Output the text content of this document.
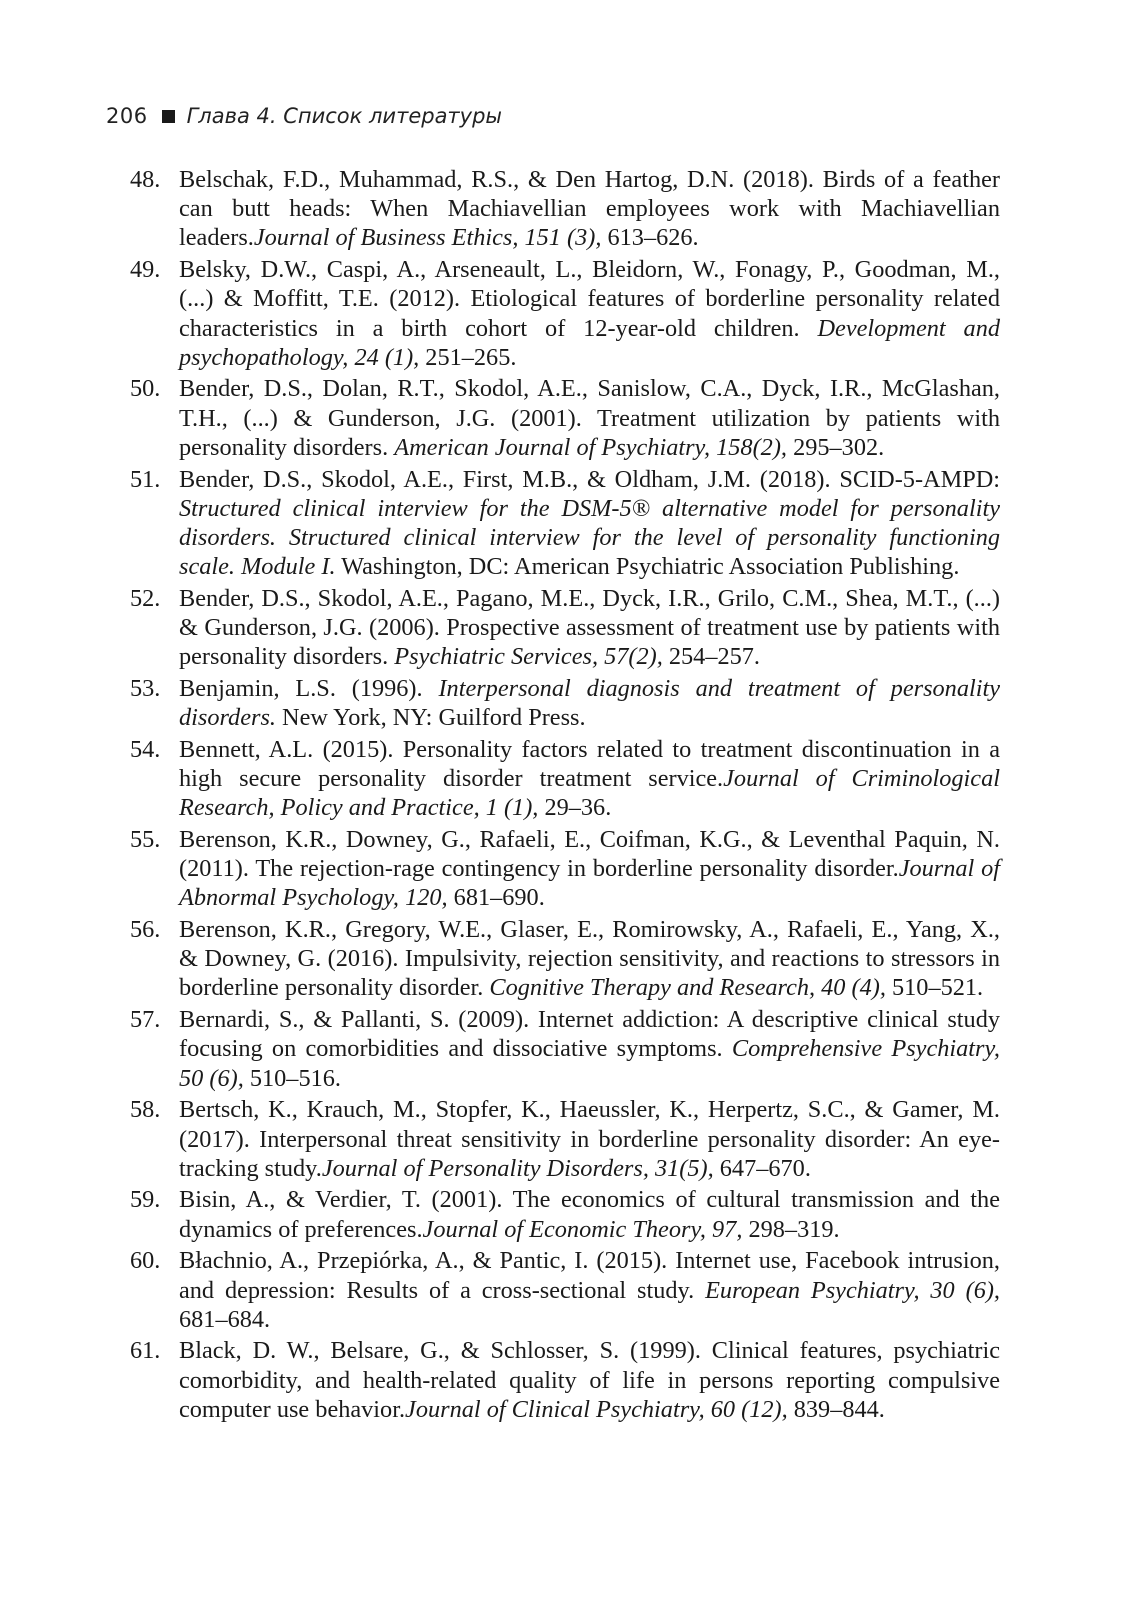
206 Глава 4. Список литературы
48. Belschak, F.D., Muhammad, R.S., & Den Hartog, D.N. (2018). Birds of a feather can butt heads: When Machiavellian employees work with Machiavellian leaders.Journal of Business Ethics, 151 (3), 613–626.
49. Belsky, D.W., Caspi, A., Arseneault, L., Bleidorn, W., Fonagy, P., Goodman, M., (...) & Moffitt, T.E. (2012). Etiological features of borderline personality related characteristics in a birth cohort of 12-year-old children. Development and psychopathology, 24 (1), 251–265.
50. Bender, D.S., Dolan, R.T., Skodol, A.E., Sanislow, C.A., Dyck, I.R., McGlashan, T.H., (...) & Gunderson, J.G. (2001). Treatment utilization by patients with personality disorders. American Journal of Psychiatry, 158(2), 295–302.
51. Bender, D.S., Skodol, A.E., First, M.B., & Oldham, J.M. (2018). SCID-5-AMPD: Structured clinical interview for the DSM-5® alternative model for personality disorders. Structured clinical interview for the level of personality functioning scale. Module I. Washington, DC: American Psychiatric Association Publishing.
52. Bender, D.S., Skodol, A.E., Pagano, M.E., Dyck, I.R., Grilo, C.M., Shea, M.T., (...) & Gunderson, J.G. (2006). Prospective assessment of treatment use by patients with personality disorders. Psychiatric Services, 57(2), 254–257.
53. Benjamin, L.S. (1996). Interpersonal diagnosis and treatment of personality disorders. New York, NY: Guilford Press.
54. Bennett, A.L. (2015). Personality factors related to treatment discontinuation in a high secure personality disorder treatment service.Journal of Criminological Research, Policy and Practice, 1 (1), 29–36.
55. Berenson, K.R., Downey, G., Rafaeli, E., Coifman, K.G., & Leventhal Paquin, N. (2011). The rejection-rage contingency in borderline personality disorder.Journal of Abnormal Psychology, 120, 681–690.
56. Berenson, K.R., Gregory, W.E., Glaser, E., Romirowsky, A., Rafaeli, E., Yang, X., & Downey, G. (2016). Impulsivity, rejection sensitivity, and reactions to stressors in borderline personality disorder. Cognitive Therapy and Research, 40 (4), 510–521.
57. Bernardi, S., & Pallanti, S. (2009). Internet addiction: A descriptive clinical study focusing on comorbidities and dissociative symptoms. Comprehensive Psychiatry, 50 (6), 510–516.
58. Bertsch, K., Krauch, M., Stopfer, K., Haeussler, K., Herpertz, S.C., & Gamer, M. (2017). Interpersonal threat sensitivity in borderline personality disorder: An eye-tracking study.Journal of Personality Disorders, 31(5), 647–670.
59. Bisin, A., & Verdier, T. (2001). The economics of cultural transmission and the dynamics of preferences.Journal of Economic Theory, 97, 298–319.
60. Błachnio, A., Przepiórka, A., & Pantic, I. (2015). Internet use, Facebook intrusion, and depression: Results of a cross-sectional study. European Psychiatry, 30 (6), 681–684.
61. Black, D. W., Belsare, G., & Schlosser, S. (1999). Clinical features, psychiatric comorbidity, and health-related quality of life in persons reporting compulsive computer use behavior.Journal of Clinical Psychiatry, 60 (12), 839–844.
